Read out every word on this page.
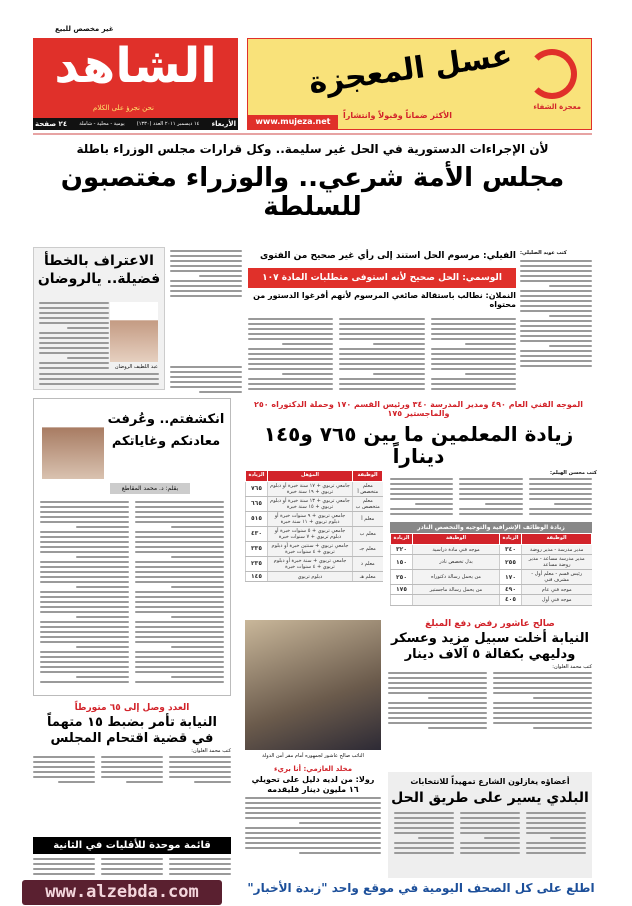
غير مخصص للبيع
الشاهد
نحن نجرؤ على الكلام
الأربعاء
١٤ ديسمبر ٢٠١١ العدد (١٣٣٠)
يومية - محلية - شاملة
٢٤ صفحة
عسل المعجزة
الأكثر ضماناً وقبولاً وانتشاراً
www.mujeza.net
معجزة الشفاء
لأن الإجراءات الدستورية في الحل غير سليمة.. وكل قرارات مجلس الوزراء باطلة
مجلس الأمة شرعي.. والوزراء مغتصبون للسلطة
الاعتراف بالخطأ
فضيلة.. يالروضان
عبد اللطيف الروضان
الفيلي: مرسوم الحل استند إلى رأي غير صحيح من الفتوى
الوسمي: الحل صحيح لأنه استوفى متطلبات المادة ١٠٧
النملان: نطالب باستقالة صائغي المرسوم لأنهم أفرغوا الدستور من محتواه
كتب عويد الصليلي:
انكشفتم.. وعُرفت
معادنكم وغاياتكم
بقلم: د. محمد المقاطع
الموجه الفني العام ٤٩٠ ومدير المدرسة ٣٤٠ ورئيس القسم ١٧٠ وحملة الدكتوراه ٢٥٠ والماجستير ١٧٥
زيادة المعلمين ما بين ٧٦٥ و١٤٥ ديناراً
الوظيفة	المؤهل	الزيادة
معلم متخصص أ	جامعي تربوي + ١٧ سنة خبرة أو دبلوم تربوي + ١٩ سنة خبرة	٧٦٥
معلم متخصص ب	جامعي تربوي + ١٣ سنة خبرة أو دبلوم تربوي + ١٥ سنة خبرة	٦٦٥
معلم أ	جامعي تربوي + ٩ سنوات خبرة أو دبلوم تربوي + ١١ سنة خبرة	٥١٥
معلم ب	جامعي تربوي + ٥ سنوات خبرة أو دبلوم تربوي + ٧ سنوات خبرة	٤٣٠
معلم جـ	جامعي تربوي + سنتين خبرة أو دبلوم تربوي + ٤ سنوات خبرة	٣٣٥
معلم د	جامعي تربوي + سنة خبرة أو دبلوم تربوي + ٤ سنوات خبرة	٢٣٥
معلم هـ	دبلوم تربوي	١٤٥
كتب محسن الهيلم:
زيادة الوظائف الإشرافية والتوجيه والتخصص النادر
الوظيفة	الزيادة	الوظيفة	الزيادة
مدير مدرسة - مدير روضة	٣٤٠	موجه فني مادة دراسية	٣٢٠
مدير مدرسة مساعد - مدير روضة مساعد	٢٥٥	بدل تخصص نادر	١٥٠
رئيس قسم - معلم أول - مشرف فني	١٧٠	من يحمل رسالة دكتوراه	٢٥٠
موجه فني عام	٤٩٠	من يحمل رسالة ماجستير	١٧٥
موجه فني أول	٤٠٥		
صالح عاشور رفض دفع المبلغ
النيابة أخلت سبيل مزيد وعسكر
ودليهي بكفالة ٥ آلاف دينار
كتب محمد الغلوان:
النائب صالح عاشور لجمهوره أمام مقر أمن الدولة
العدد وصل إلى ٦٥ متورطاً
النيابة تأمر بضبط ١٥ متهماً
في قضية اقتحام المجلس
كتب محمد الغلوان:
قائمة موحدة للأقليات في الثانية
مخلد العازمي: أنا بريء
رولا: من لديه دليل على تحويلي
١٦ مليون دينار فليقدمه
أعضاؤه يغازلون الشارع تمهيداً للانتخابات
البلدي يسير على طريق الحل
www.alzebda.com	اطلع على كل الصحف اليومية في موقع واحد "زبدة الأخبار"
